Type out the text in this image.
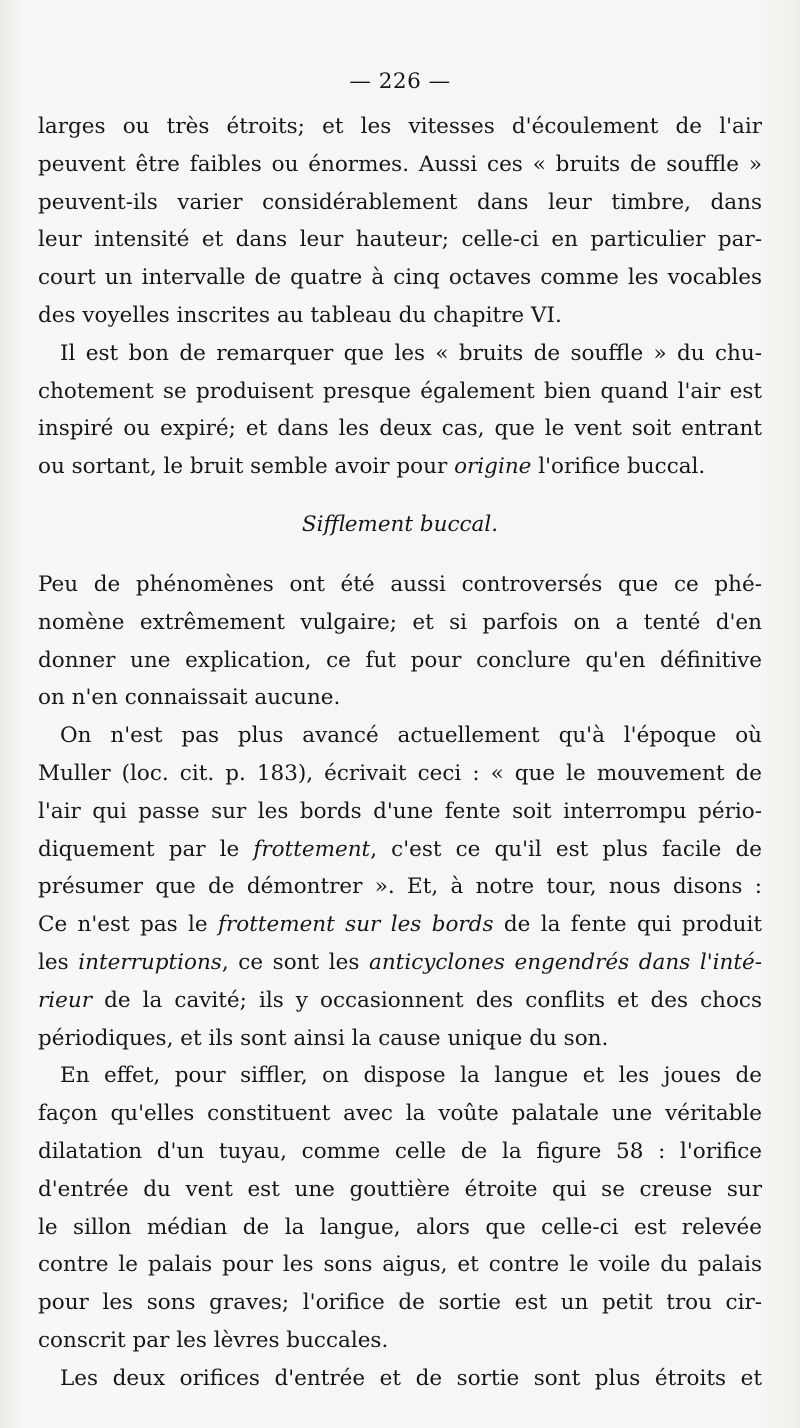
— 226 —
larges ou très étroits; et les vitesses d'écoulement de l'air
peuvent être faibles ou énormes. Aussi ces « bruits de souffle »
peuvent-ils varier considérablement dans leur timbre, dans
leur intensité et dans leur hauteur; celle-ci en particulier par-
court un intervalle de quatre à cinq octaves comme les vocables
des voyelles inscrites au tableau du chapitre VI.
Il est bon de remarquer que les « bruits de souffle » du chu-
chotement se produisent presque également bien quand l'air est
inspiré ou expiré; et dans les deux cas, que le vent soit entrant
ou sortant, le bruit semble avoir pour origine l'orifice buccal.
Sifflement buccal.
Peu de phénomènes ont été aussi controversés que ce phé-
nomène extrêmement vulgaire; et si parfois on a tenté d'en
donner une explication, ce fut pour conclure qu'en définitive
on n'en connaissait aucune.
On n'est pas plus avancé actuellement qu'à l'époque où
Muller (loc. cit. p. 183), écrivait ceci : « que le mouvement de
l'air qui passe sur les bords d'une fente soit interrompu pério-
diquement par le frottement, c'est ce qu'il est plus facile de
présumer que de démontrer ». Et, à notre tour, nous disons :
Ce n'est pas le frottement sur les bords de la fente qui produit
les interruptions, ce sont les anticyclones engendrés dans l'inté-
rieur de la cavité; ils y occasionnent des conflits et des chocs
périodiques, et ils sont ainsi la cause unique du son.
En effet, pour siffler, on dispose la langue et les joues de
façon qu'elles constituent avec la voûte palatale une véritable
dilatation d'un tuyau, comme celle de la figure 58 : l'orifice
d'entrée du vent est une gouttière étroite qui se creuse sur
le sillon médian de la langue, alors que celle-ci est relevée
contre le palais pour les sons aigus, et contre le voile du palais
pour les sons graves; l'orifice de sortie est un petit trou cir-
conscrit par les lèvres buccales.
Les deux orifices d'entrée et de sortie sont plus étroits et
